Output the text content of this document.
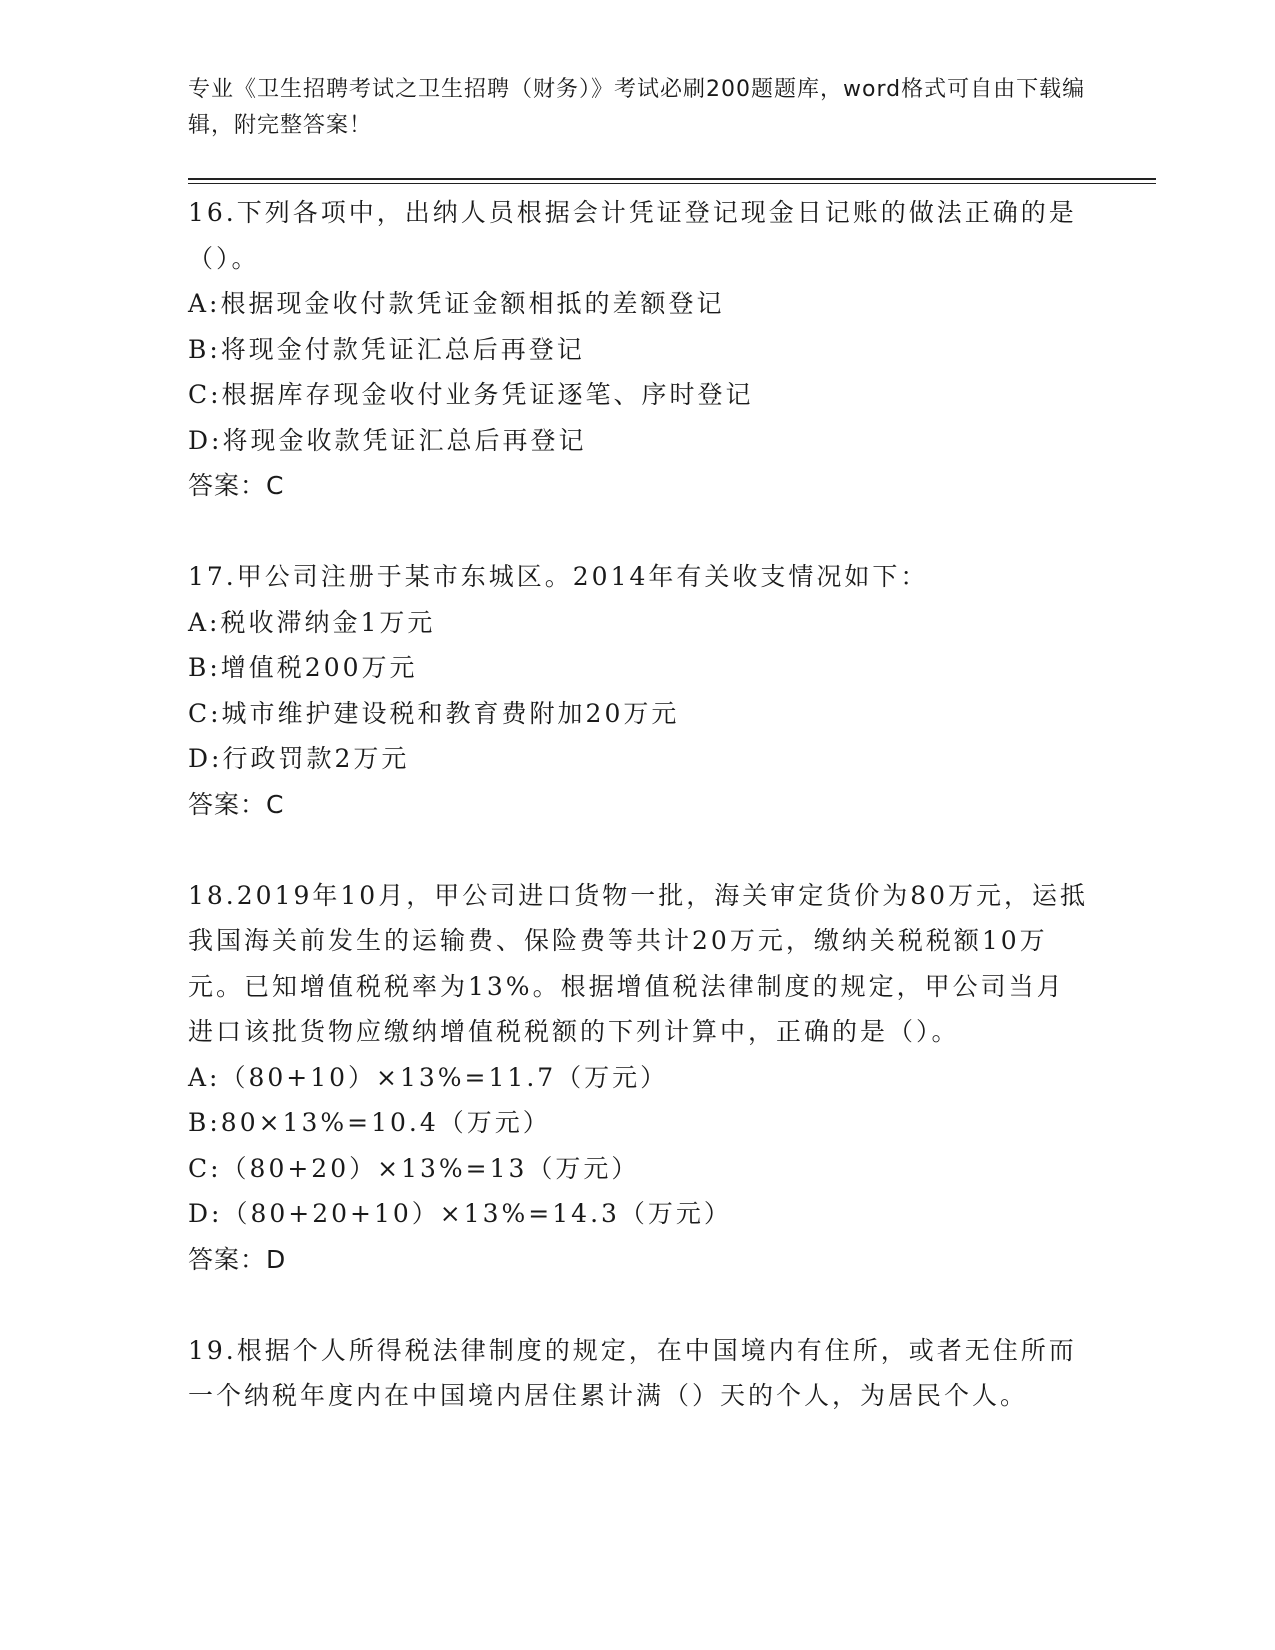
专业《卫生招聘考试之卫生招聘（财务）》考试必刷200题题库，word格式可自由下载编辑，附完整答案！

16.下列各项中，出纳人员根据会计凭证登记现金日记账的做法正确的是（）。

A:根据现金收付款凭证金额相抵的差额登记

B:将现金付款凭证汇总后再登记

C:根据库存现金收付业务凭证逐笔、序时登记

D:将现金收款凭证汇总后再登记

答案：C

17.甲公司注册于某市东城区。2014年有关收支情况如下：

A:税收滞纳金1万元

B:增值税200万元

C:城市维护建设税和教育费附加20万元

D:行政罚款2万元

答案：C

18.2019年10月，甲公司进口货物一批，海关审定货价为80万元，运抵我国海关前发生的运输费、保险费等共计20万元，缴纳关税税额10万元。已知增值税税率为13%。根据增值税法律制度的规定，甲公司当月进口该批货物应缴纳增值税税额的下列计算中，正确的是（）。

A:（80+10）×13%=11.7（万元）

B:80×13%=10.4（万元）

C:（80+20）×13%=13（万元）

D:（80+20+10）×13%=14.3（万元）

答案：D

19.根据个人所得税法律制度的规定，在中国境内有住所，或者无住所而一个纳税年度内在中国境内居住累计满（）天的个人，为居民个人。
